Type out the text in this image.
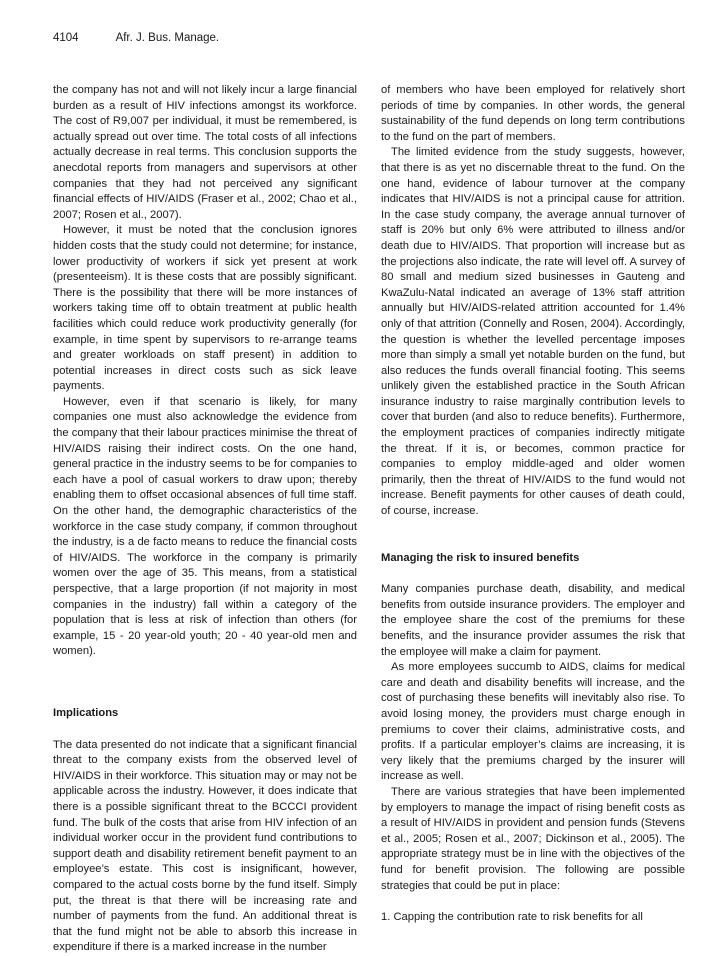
4104	Afr. J. Bus. Manage.

the company has not and will not likely incur a large financial burden as a result of HIV infections amongst its workforce. The cost of R9,007 per individual, it must be remembered, is actually spread out over time. The total costs of all infections actually decrease in real terms. This conclusion supports the anecdotal reports from managers and supervisors at other companies that they had not perceived any significant financial effects of HIV/AIDS (Fraser et al., 2002; Chao et al., 2007; Rosen et al., 2007).

However, it must be noted that the conclusion ignores hidden costs that the study could not determine; for instance, lower productivity of workers if sick yet present at work (presenteeism). It is these costs that are possibly significant. There is the possibility that there will be more instances of workers taking time off to obtain treatment at public health facilities which could reduce work productivity generally (for example, in time spent by supervisors to re-arrange teams and greater workloads on staff present) in addition to potential increases in direct costs such as sick leave payments.

However, even if that scenario is likely, for many companies one must also acknowledge the evidence from the company that their labour practices minimise the threat of HIV/AIDS raising their indirect costs. On the one hand, general practice in the industry seems to be for companies to each have a pool of casual workers to draw upon; thereby enabling them to offset occasional absences of full time staff. On the other hand, the demographic characteristics of the workforce in the case study company, if common throughout the industry, is a de facto means to reduce the financial costs of HIV/AIDS. The workforce in the company is primarily women over the age of 35. This means, from a statistical perspective, that a large proportion (if not majority in most companies in the industry) fall within a category of the population that is less at risk of infection than others (for example, 15 - 20 year-old youth; 20 - 40 year-old men and women).

Implications

The data presented do not indicate that a significant financial threat to the company exists from the observed level of HIV/AIDS in their workforce. This situation may or may not be applicable across the industry. However, it does indicate that there is a possible significant threat to the BCCCI provident fund. The bulk of the costs that arise from HIV infection of an individual worker occur in the provident fund contributions to support death and disability retirement benefit payment to an employee’s estate. This cost is insignificant, however, compared to the actual costs borne by the fund itself. Simply put, the threat is that there will be increasing rate and number of payments from the fund. An additional threat is that the fund might not be able to absorb this increase in expenditure if there is a marked increase in the number

of members who have been employed for relatively short periods of time by companies. In other words, the general sustainability of the fund depends on long term contributions to the fund on the part of members.

The limited evidence from the study suggests, however, that there is as yet no discernable threat to the fund. On the one hand, evidence of labour turnover at the company indicates that HIV/AIDS is not a principal cause for attrition. In the case study company, the average annual turnover of staff is 20% but only 6% were attributed to illness and/or death due to HIV/AIDS. That proportion will increase but as the projections also indicate, the rate will level off. A survey of 80 small and medium sized businesses in Gauteng and KwaZulu-Natal indicated an average of 13% staff attrition annually but HIV/AIDS-related attrition accounted for 1.4% only of that attrition (Connelly and Rosen, 2004). Accordingly, the question is whether the levelled percentage imposes more than simply a small yet notable burden on the fund, but also reduces the funds overall financial footing. This seems unlikely given the established practice in the South African insurance industry to raise marginally contribution levels to cover that burden (and also to reduce benefits). Furthermore, the employment practices of companies indirectly mitigate the threat. If it is, or becomes, common practice for companies to employ middle-aged and older women primarily, then the threat of HIV/AIDS to the fund would not increase. Benefit payments for other causes of death could, of course, increase.

Managing the risk to insured benefits

Many companies purchase death, disability, and medical benefits from outside insurance providers. The employer and the employee share the cost of the premiums for these benefits, and the insurance provider assumes the risk that the employee will make a claim for payment.

As more employees succumb to AIDS, claims for medical care and death and disability benefits will increase, and the cost of purchasing these benefits will inevitably also rise. To avoid losing money, the providers must charge enough in premiums to cover their claims, administrative costs, and profits. If a particular employer’s claims are increasing, it is very likely that the premiums charged by the insurer will increase as well.

There are various strategies that have been implemented by employers to manage the impact of rising benefit costs as a result of HIV/AIDS in provident and pension funds (Stevens et al., 2005; Rosen et al., 2007; Dickinson et al., 2005). The appropriate strategy must be in line with the objectives of the fund for benefit provision. The following are possible strategies that could be put in place:

1. Capping the contribution rate to risk benefits for all
